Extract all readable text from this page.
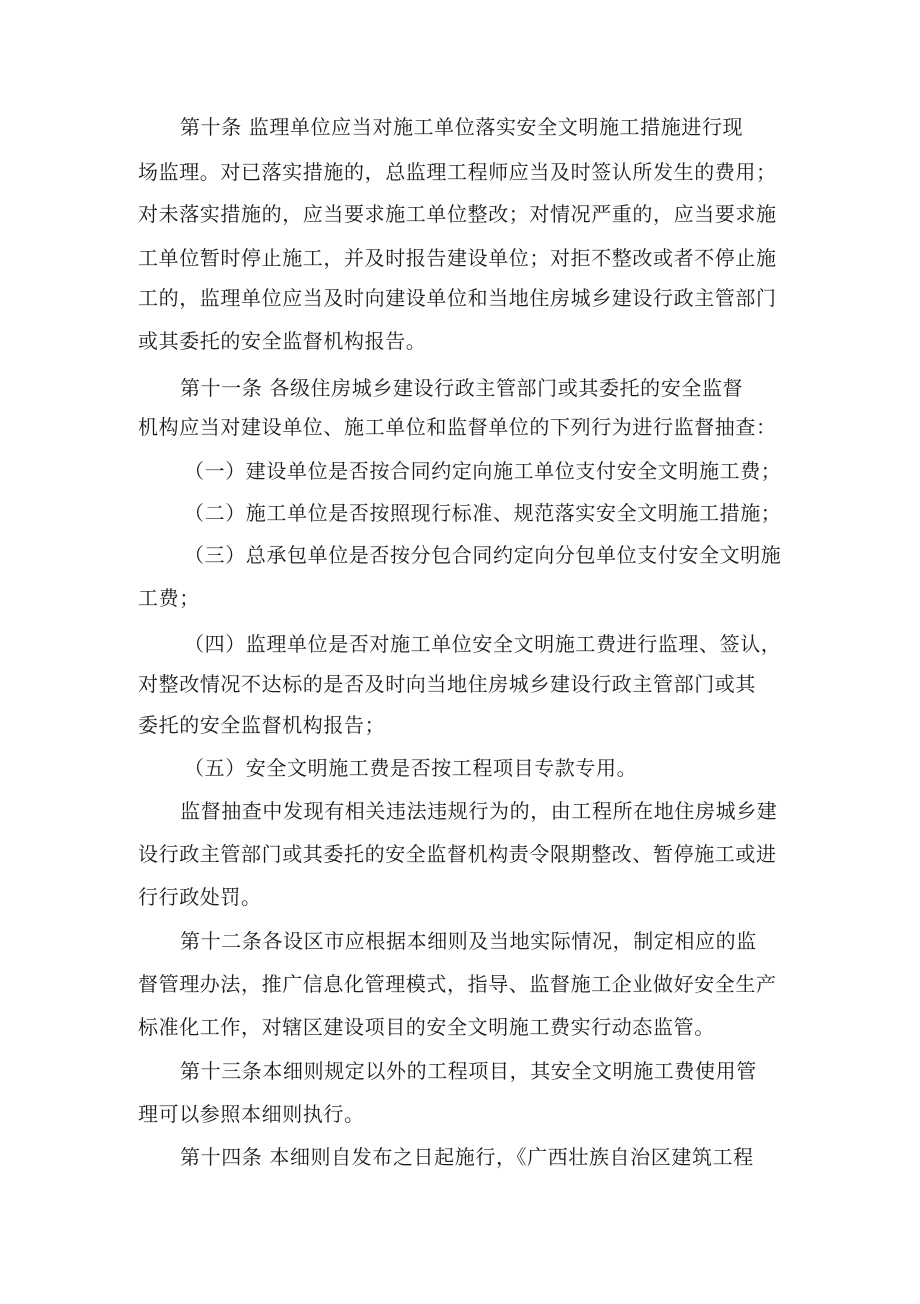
第十条 监理单位应当对施工单位落实安全文明施工措施进行现
场监理。对已落实措施的，总监理工程师应当及时签认所发生的费用；
对未落实措施的，应当要求施工单位整改；对情况严重的，应当要求施
工单位暂时停止施工，并及时报告建设单位；对拒不整改或者不停止施
工的，监理单位应当及时向建设单位和当地住房城乡建设行政主管部门
或其委托的安全监督机构报告。
第十一条 各级住房城乡建设行政主管部门或其委托的安全监督
机构应当对建设单位、施工单位和监督单位的下列行为进行监督抽查：
（一）建设单位是否按合同约定向施工单位支付安全文明施工费；
（二）施工单位是否按照现行标准、规范落实安全文明施工措施；
（三）总承包单位是否按分包合同约定向分包单位支付安全文明施
工费；
（四）监理单位是否对施工单位安全文明施工费进行监理、签认，
对整改情况不达标的是否及时向当地住房城乡建设行政主管部门或其
委托的安全监督机构报告；
（五）安全文明施工费是否按工程项目专款专用。
监督抽查中发现有相关违法违规行为的，由工程所在地住房城乡建
设行政主管部门或其委托的安全监督机构责令限期整改、暂停施工或进
行行政处罚。
第十二条各设区市应根据本细则及当地实际情况，制定相应的监
督管理办法，推广信息化管理模式，指导、监督施工企业做好安全生产
标准化工作，对辖区建设项目的安全文明施工费实行动态监管。
第十三条本细则规定以外的工程项目，其安全文明施工费使用管
理可以参照本细则执行。
第十四条 本细则自发布之日起施行，《广西壮族自治区建筑工程
